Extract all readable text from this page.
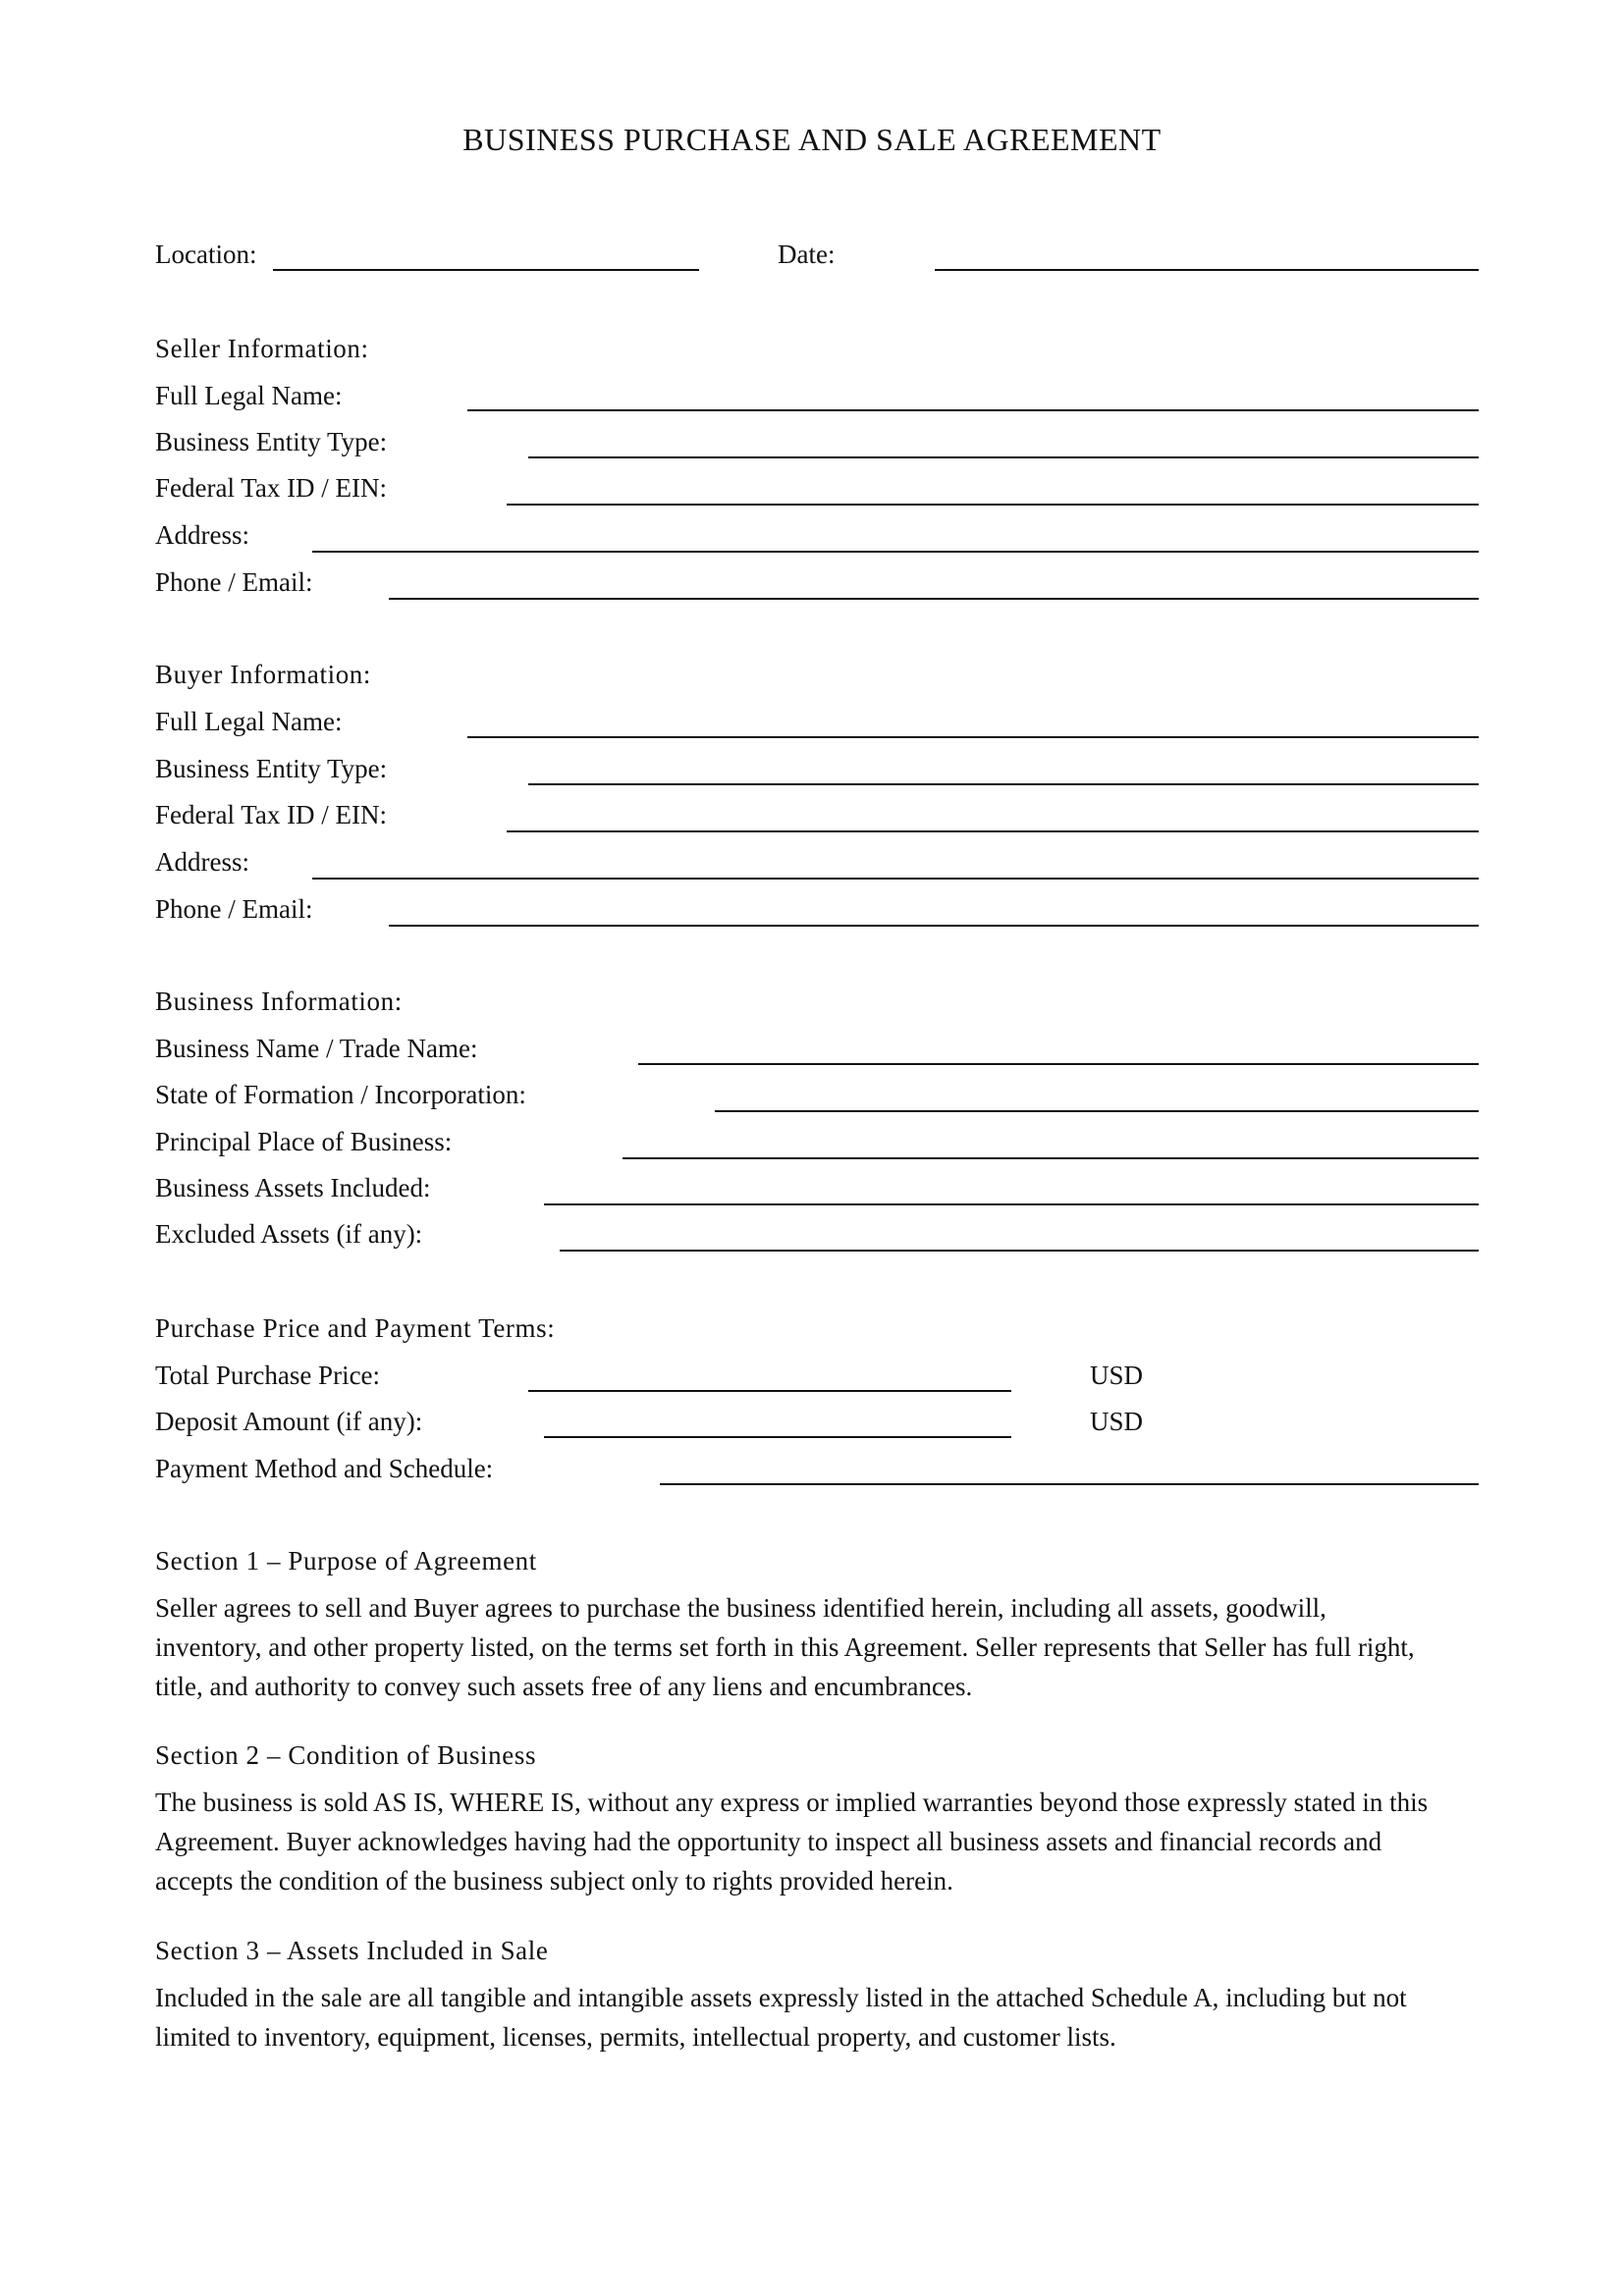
BUSINESS PURCHASE AND SALE AGREEMENT
Location:	Date:
Seller Information:
Full Legal Name:
Business Entity Type:
Federal Tax ID / EIN:
Address:
Phone / Email:
Buyer Information:
Full Legal Name:
Business Entity Type:
Federal Tax ID / EIN:
Address:
Phone / Email:
Business Information:
Business Name / Trade Name:
State of Formation / Incorporation:
Principal Place of Business:
Business Assets Included:
Excluded Assets (if any):
Purchase Price and Payment Terms:
Total Purchase Price:	USD
Deposit Amount (if any):	USD
Payment Method and Schedule:
Section 1 – Purpose of Agreement
Seller agrees to sell and Buyer agrees to purchase the business identified herein, including all assets, goodwill,
inventory, and other property listed, on the terms set forth in this Agreement. Seller represents that Seller has full right,
title, and authority to convey such assets free of any liens and encumbrances.
Section 2 – Condition of Business
The business is sold AS IS, WHERE IS, without any express or implied warranties beyond those expressly stated in this
Agreement. Buyer acknowledges having had the opportunity to inspect all business assets and financial records and
accepts the condition of the business subject only to rights provided herein.
Section 3 – Assets Included in Sale
Included in the sale are all tangible and intangible assets expressly listed in the attached Schedule A, including but not
limited to inventory, equipment, licenses, permits, intellectual property, and customer lists.
